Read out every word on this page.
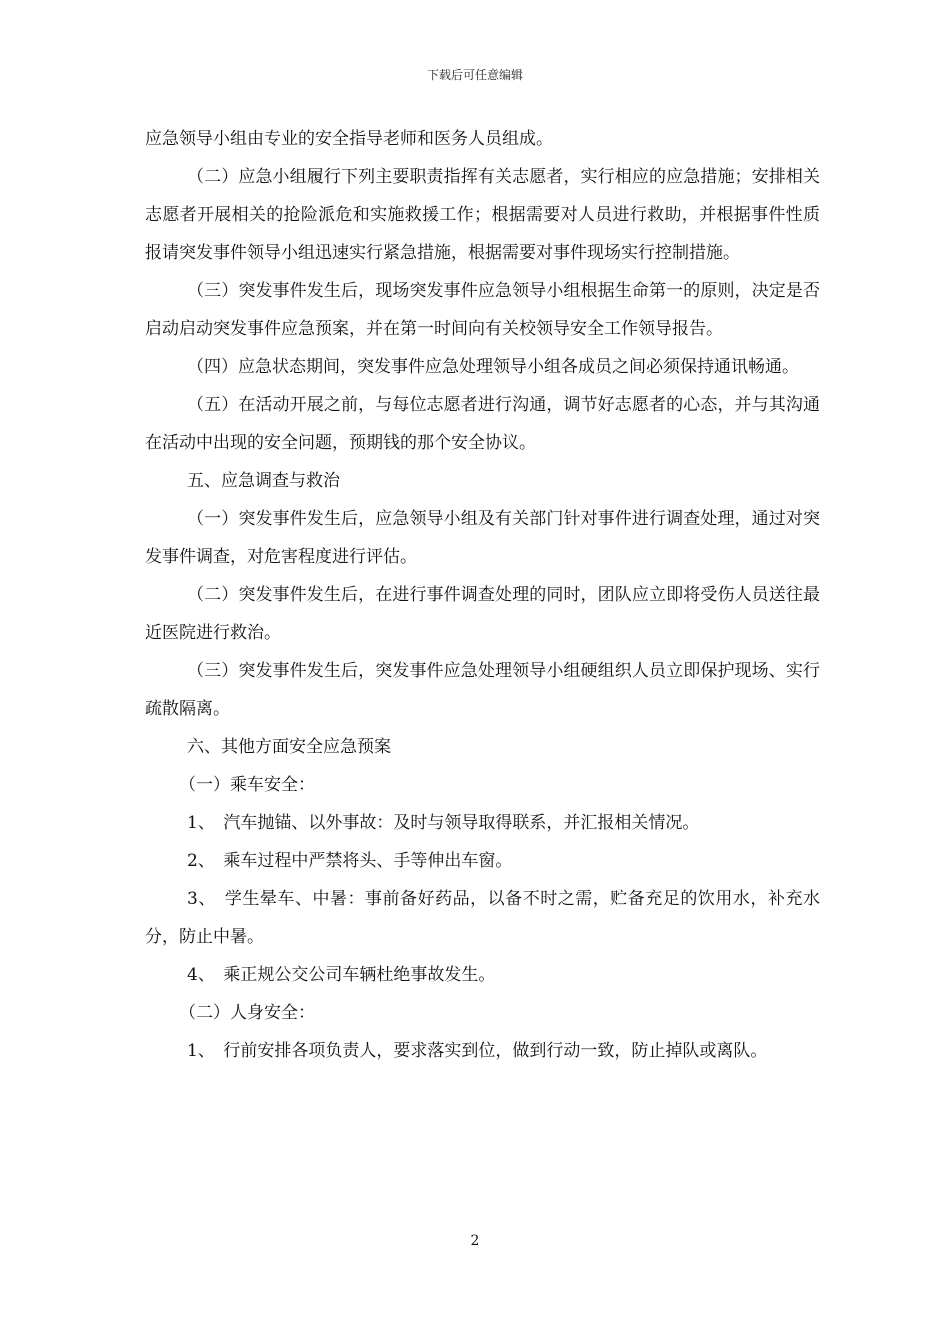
下载后可任意编辑

应急领导小组由专业的安全指导老师和医务人员组成。

（二）应急小组履行下列主要职责指挥有关志愿者，实行相应的应急措施；安排相关志愿者开展相关的抢险派危和实施救援工作；根据需要对人员进行救助，并根据事件性质报请突发事件领导小组迅速实行紧急措施，根据需要对事件现场实行控制措施。

（三）突发事件发生后，现场突发事件应急领导小组根据生命第一的原则，决定是否启动启动突发事件应急预案，并在第一时间向有关校领导安全工作领导报告。

（四）应急状态期间，突发事件应急处理领导小组各成员之间必须保持通讯畅通。

（五）在活动开展之前，与每位志愿者进行沟通，调节好志愿者的心态，并与其沟通在活动中出现的安全问题，预期钱的那个安全协议。

五、应急调查与救治

（一）突发事件发生后，应急领导小组及有关部门针对事件进行调查处理，通过对突发事件调查，对危害程度进行评估。

（二）突发事件发生后，在进行事件调查处理的同时，团队应立即将受伤人员送往最近医院进行救治。

（三）突发事件发生后，突发事件应急处理领导小组硬组织人员立即保护现场、实行疏散隔离。

六、其他方面安全应急预案

（一）乘车安全：

1、　汽车抛锚、以外事故：及时与领导取得联系，并汇报相关情况。

2、　乘车过程中严禁将头、手等伸出车窗。

3、　学生晕车、中暑：事前备好药品，以备不时之需，贮备充足的饮用水，补充水分，防止中暑。

4、　乘正规公交公司车辆杜绝事故发生。

（二）人身安全：

1、　行前安排各项负责人，要求落实到位，做到行动一致，防止掉队或离队。

2
